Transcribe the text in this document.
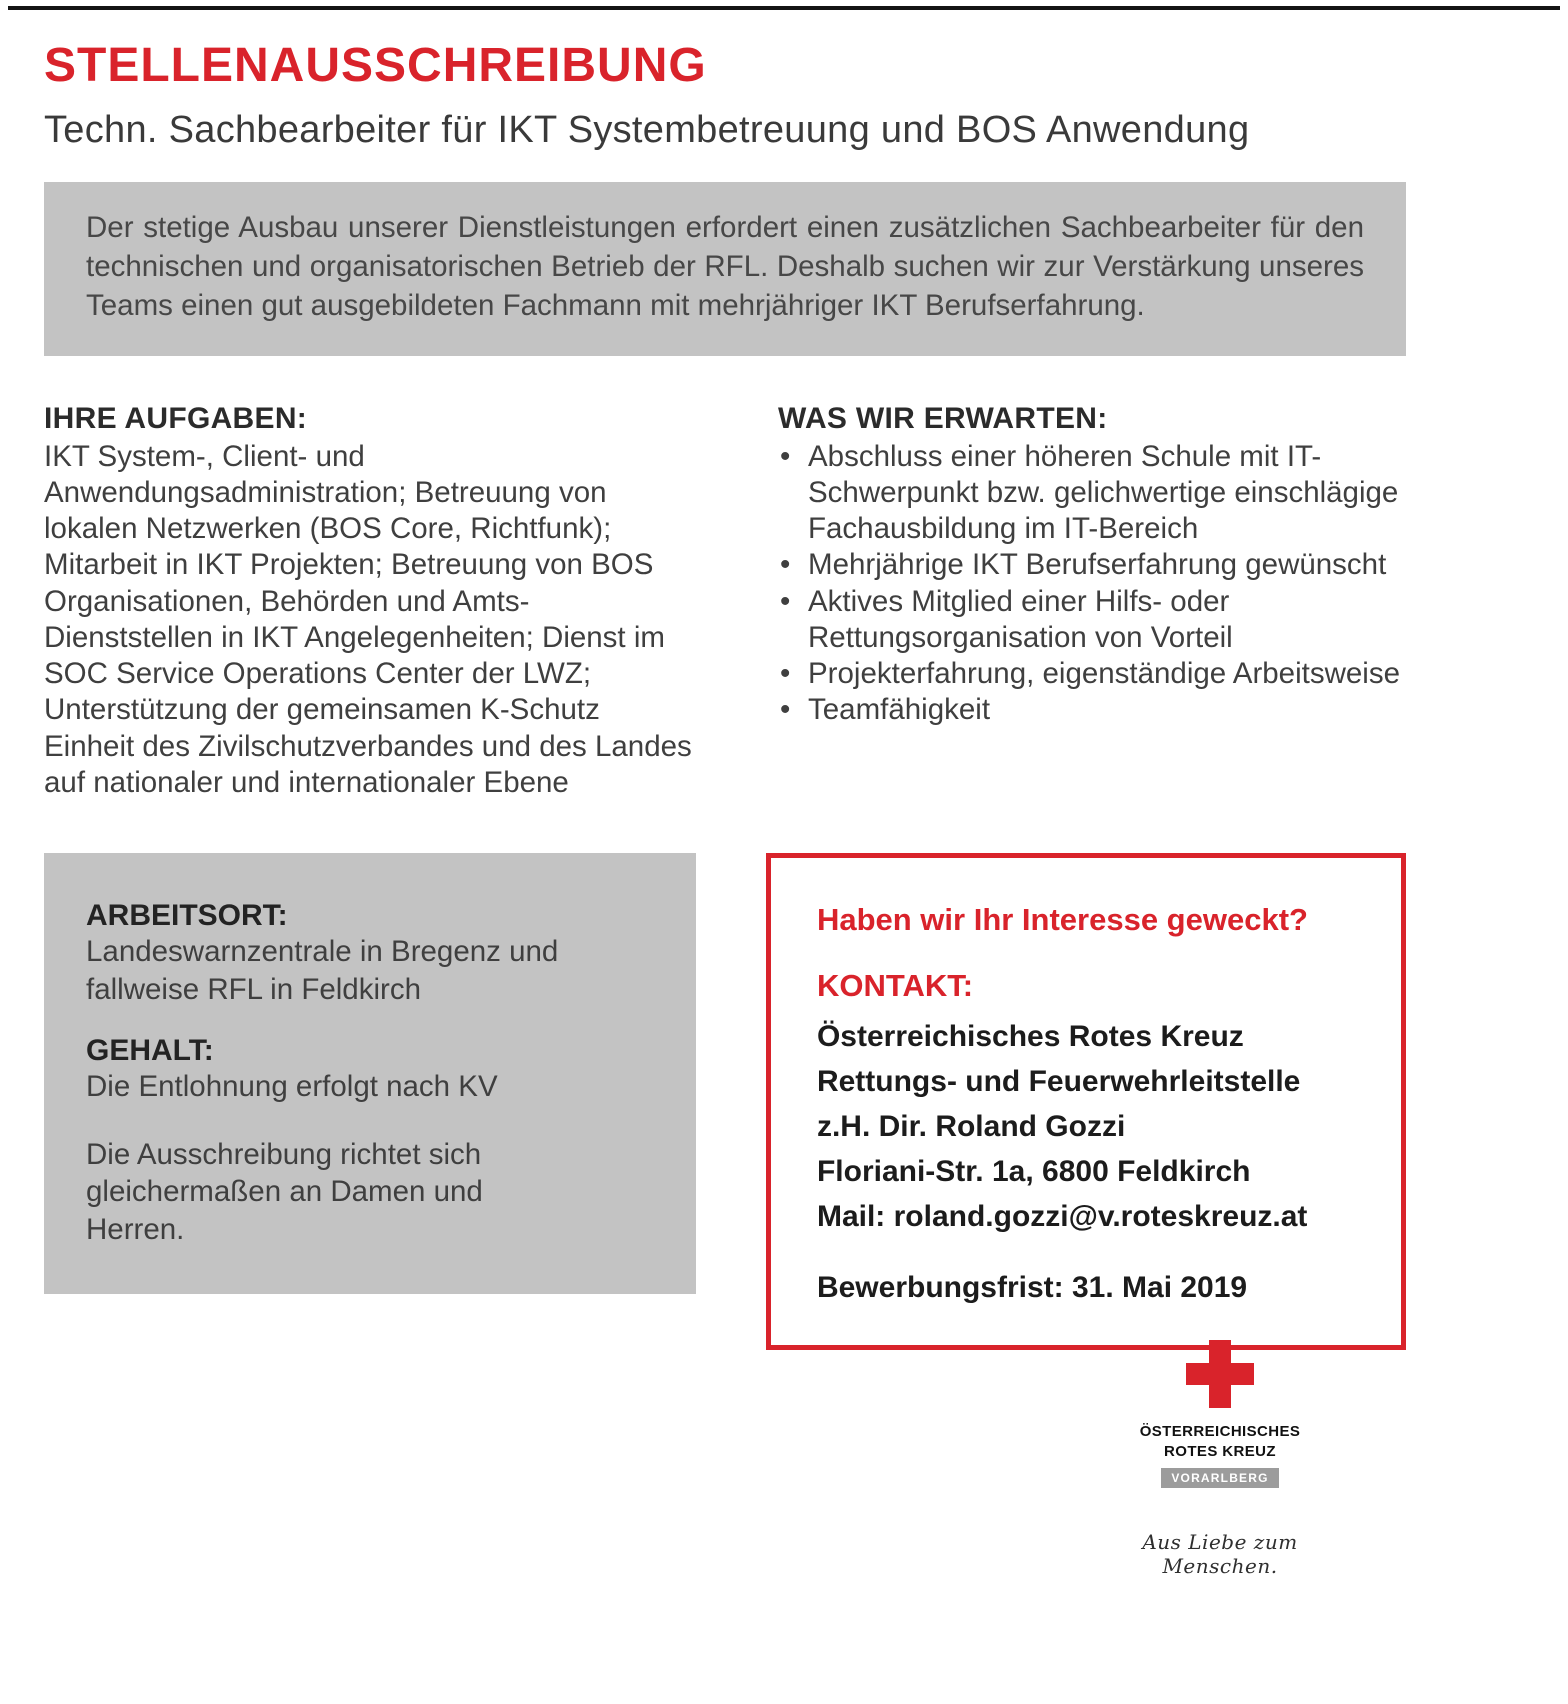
STELLENAUSSCHREIBUNG
Techn. Sachbearbeiter für IKT Systembetreuung und BOS Anwendung

Der stetige Ausbau unserer Dienstleistungen erfordert einen zusätzlichen Sachbearbeiter für den technischen und organisatorischen Betrieb der RFL. Deshalb suchen wir zur Verstärkung unseres Teams einen gut ausgebildeten Fachmann mit mehrjähriger IKT Berufserfahrung.

IHRE AUFGABEN:

IKT System-, Client- und Anwendungsadministration; Betreuung von lokalen Netzwerken (BOS Core, Richtfunk); Mitarbeit in IKT Projekten; Betreuung von BOS Organisationen, Behörden und Amts-Dienststellen in IKT Angelegenheiten; Dienst im SOC Service Operations Center der LWZ; Unterstützung der gemeinsamen K-Schutz Einheit des Zivilschutzverbandes und des Landes auf nationaler und internationaler Ebene

WAS WIR ERWARTEN:
• Abschluss einer höheren Schule mit IT-Schwerpunkt bzw. gelichwertige einschlägige Fachausbildung im IT-Bereich
• Mehrjährige IKT Berufserfahrung gewünscht
• Aktives Mitglied einer Hilfs- oder Rettungsorganisation von Vorteil
• Projekterfahrung, eigenständige Arbeitsweise
• Teamfähigkeit
ARBEITSORT:

Landeswarnzentrale in Bregenz und fallweise RFL in Feldkirch

GEHALT:

Die Entlohnung erfolgt nach KV

Die Ausschreibung richtet sich gleichermaßen an Damen und Herren.

Haben wir Ihr Interesse geweckt?

KONTAKT:

Österreichisches Rotes Kreuz

Rettungs- und Feuerwehrleitstelle

z.H. Dir. Roland Gozzi

Floriani-Str. 1a, 6800 Feldkirch

Mail: roland.gozzi@v.roteskreuz.at

Bewerbungsfrist: 31. Mai 2019

ÖSTERREICHISCHES
ROTES KREUZ
VORARLBERG
Aus Liebe zum Menschen.
